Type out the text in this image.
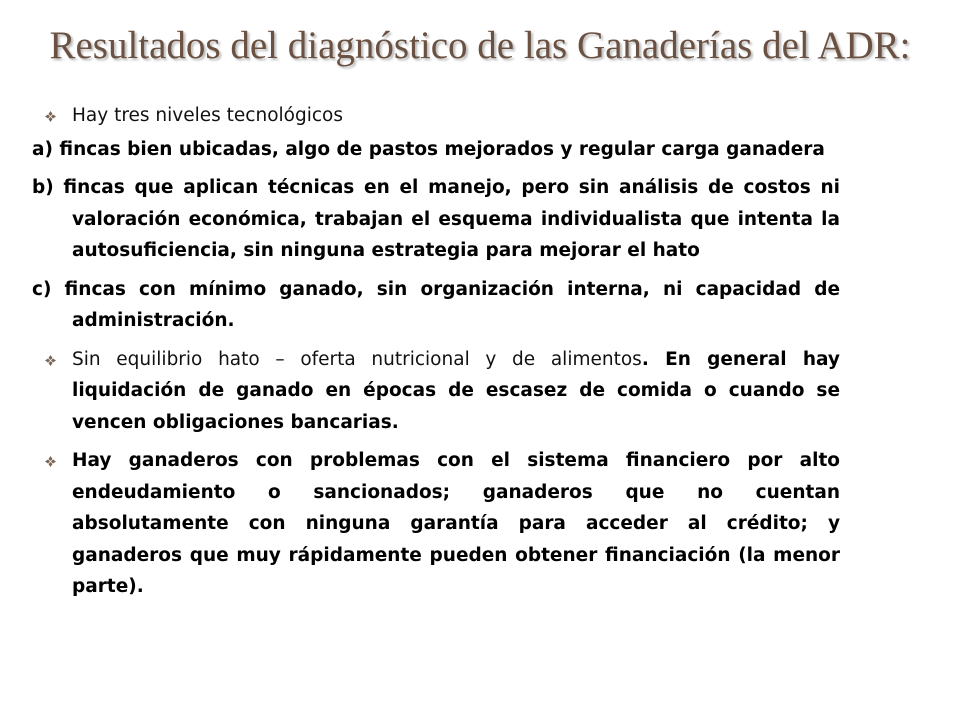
Resultados del diagnóstico de las Ganaderías del ADR:
Hay tres niveles tecnológicos
a) fincas bien ubicadas, algo de pastos mejorados y regular carga ganadera
b) fincas que aplican técnicas en el manejo, pero sin análisis de costos ni valoración económica, trabajan el esquema individualista que intenta la autosuficiencia, sin ninguna estrategia para mejorar el hato
c) fincas con mínimo ganado, sin organización interna, ni capacidad de administración.
Sin equilibrio hato – oferta nutricional y de alimentos. En general hay liquidación de ganado en épocas de escasez de comida o cuando se vencen obligaciones bancarias.
Hay ganaderos con problemas con el sistema financiero por alto endeudamiento o sancionados; ganaderos que no cuentan absolutamente con ninguna garantía para acceder al crédito; y ganaderos que muy rápidamente pueden obtener financiación (la menor parte).
